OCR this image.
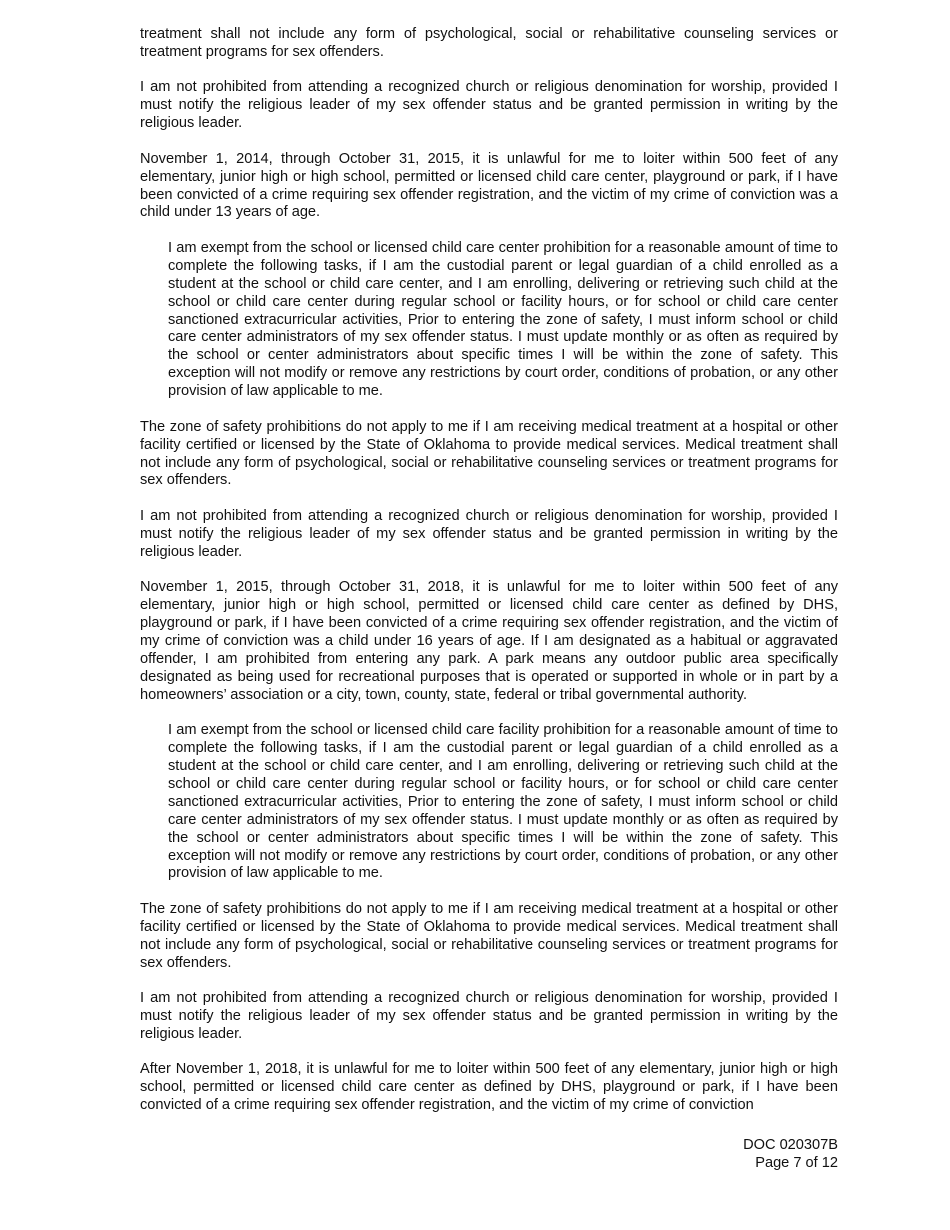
treatment shall not include any form of psychological, social or rehabilitative counseling services or treatment programs for sex offenders.

I am not prohibited from attending a recognized church or religious denomination for worship, provided I must notify the religious leader of my sex offender status and be granted permission in writing by the religious leader.

November 1, 2014, through October 31, 2015, it is unlawful for me to loiter within 500 feet of any elementary, junior high or high school, permitted or licensed child care center, playground or park, if I have been convicted of a crime requiring sex offender registration, and the victim of my crime of conviction was a child under 13 years of age.

I am exempt from the school or licensed child care center prohibition for a reasonable amount of time to complete the following tasks, if I am the custodial parent or legal guardian of a child enrolled as a student at the school or child care center, and I am enrolling, delivering or retrieving such child at the school or child care center during regular school or facility hours, or for school or child care center sanctioned extracurricular activities, Prior to entering the zone of safety, I must inform school or child care center administrators of my sex offender status. I must update monthly or as often as required by the school or center administrators about specific times I will be within the zone of safety. This exception will not modify or remove any restrictions by court order, conditions of probation, or any other provision of law applicable to me.

The zone of safety prohibitions do not apply to me if I am receiving medical treatment at a hospital or other facility certified or licensed by the State of Oklahoma to provide medical services. Medical treatment shall not include any form of psychological, social or rehabilitative counseling services or treatment programs for sex offenders.

I am not prohibited from attending a recognized church or religious denomination for worship, provided I must notify the religious leader of my sex offender status and be granted permission in writing by the religious leader.

November 1, 2015, through October 31, 2018, it is unlawful for me to loiter within 500 feet of any elementary, junior high or high school, permitted or licensed child care center as defined by DHS, playground or park, if I have been convicted of a crime requiring sex offender registration, and the victim of my crime of conviction was a child under 16 years of age. If I am designated as a habitual or aggravated offender, I am prohibited from entering any park. A park means any outdoor public area specifically designated as being used for recreational purposes that is operated or supported in whole or in part by a homeowners’ association or a city, town, county, state, federal or tribal governmental authority.

I am exempt from the school or licensed child care facility prohibition for a reasonable amount of time to complete the following tasks, if I am the custodial parent or legal guardian of a child enrolled as a student at the school or child care center, and I am enrolling, delivering or retrieving such child at the school or child care center during regular school or facility hours, or for school or child care center sanctioned extracurricular activities, Prior to entering the zone of safety, I must inform school or child care center administrators of my sex offender status. I must update monthly or as often as required by the school or center administrators about specific times I will be within the zone of safety. This exception will not modify or remove any restrictions by court order, conditions of probation, or any other provision of law applicable to me.

The zone of safety prohibitions do not apply to me if I am receiving medical treatment at a hospital or other facility certified or licensed by the State of Oklahoma to provide medical services. Medical treatment shall not include any form of psychological, social or rehabilitative counseling services or treatment programs for sex offenders.

I am not prohibited from attending a recognized church or religious denomination for worship, provided I must notify the religious leader of my sex offender status and be granted permission in writing by the religious leader.

After November 1, 2018, it is unlawful for me to loiter within 500 feet of any elementary, junior high or high school, permitted or licensed child care center as defined by DHS, playground or park, if I have been convicted of a crime requiring sex offender registration, and the victim of my crime of conviction

DOC 020307B
Page 7 of 12
